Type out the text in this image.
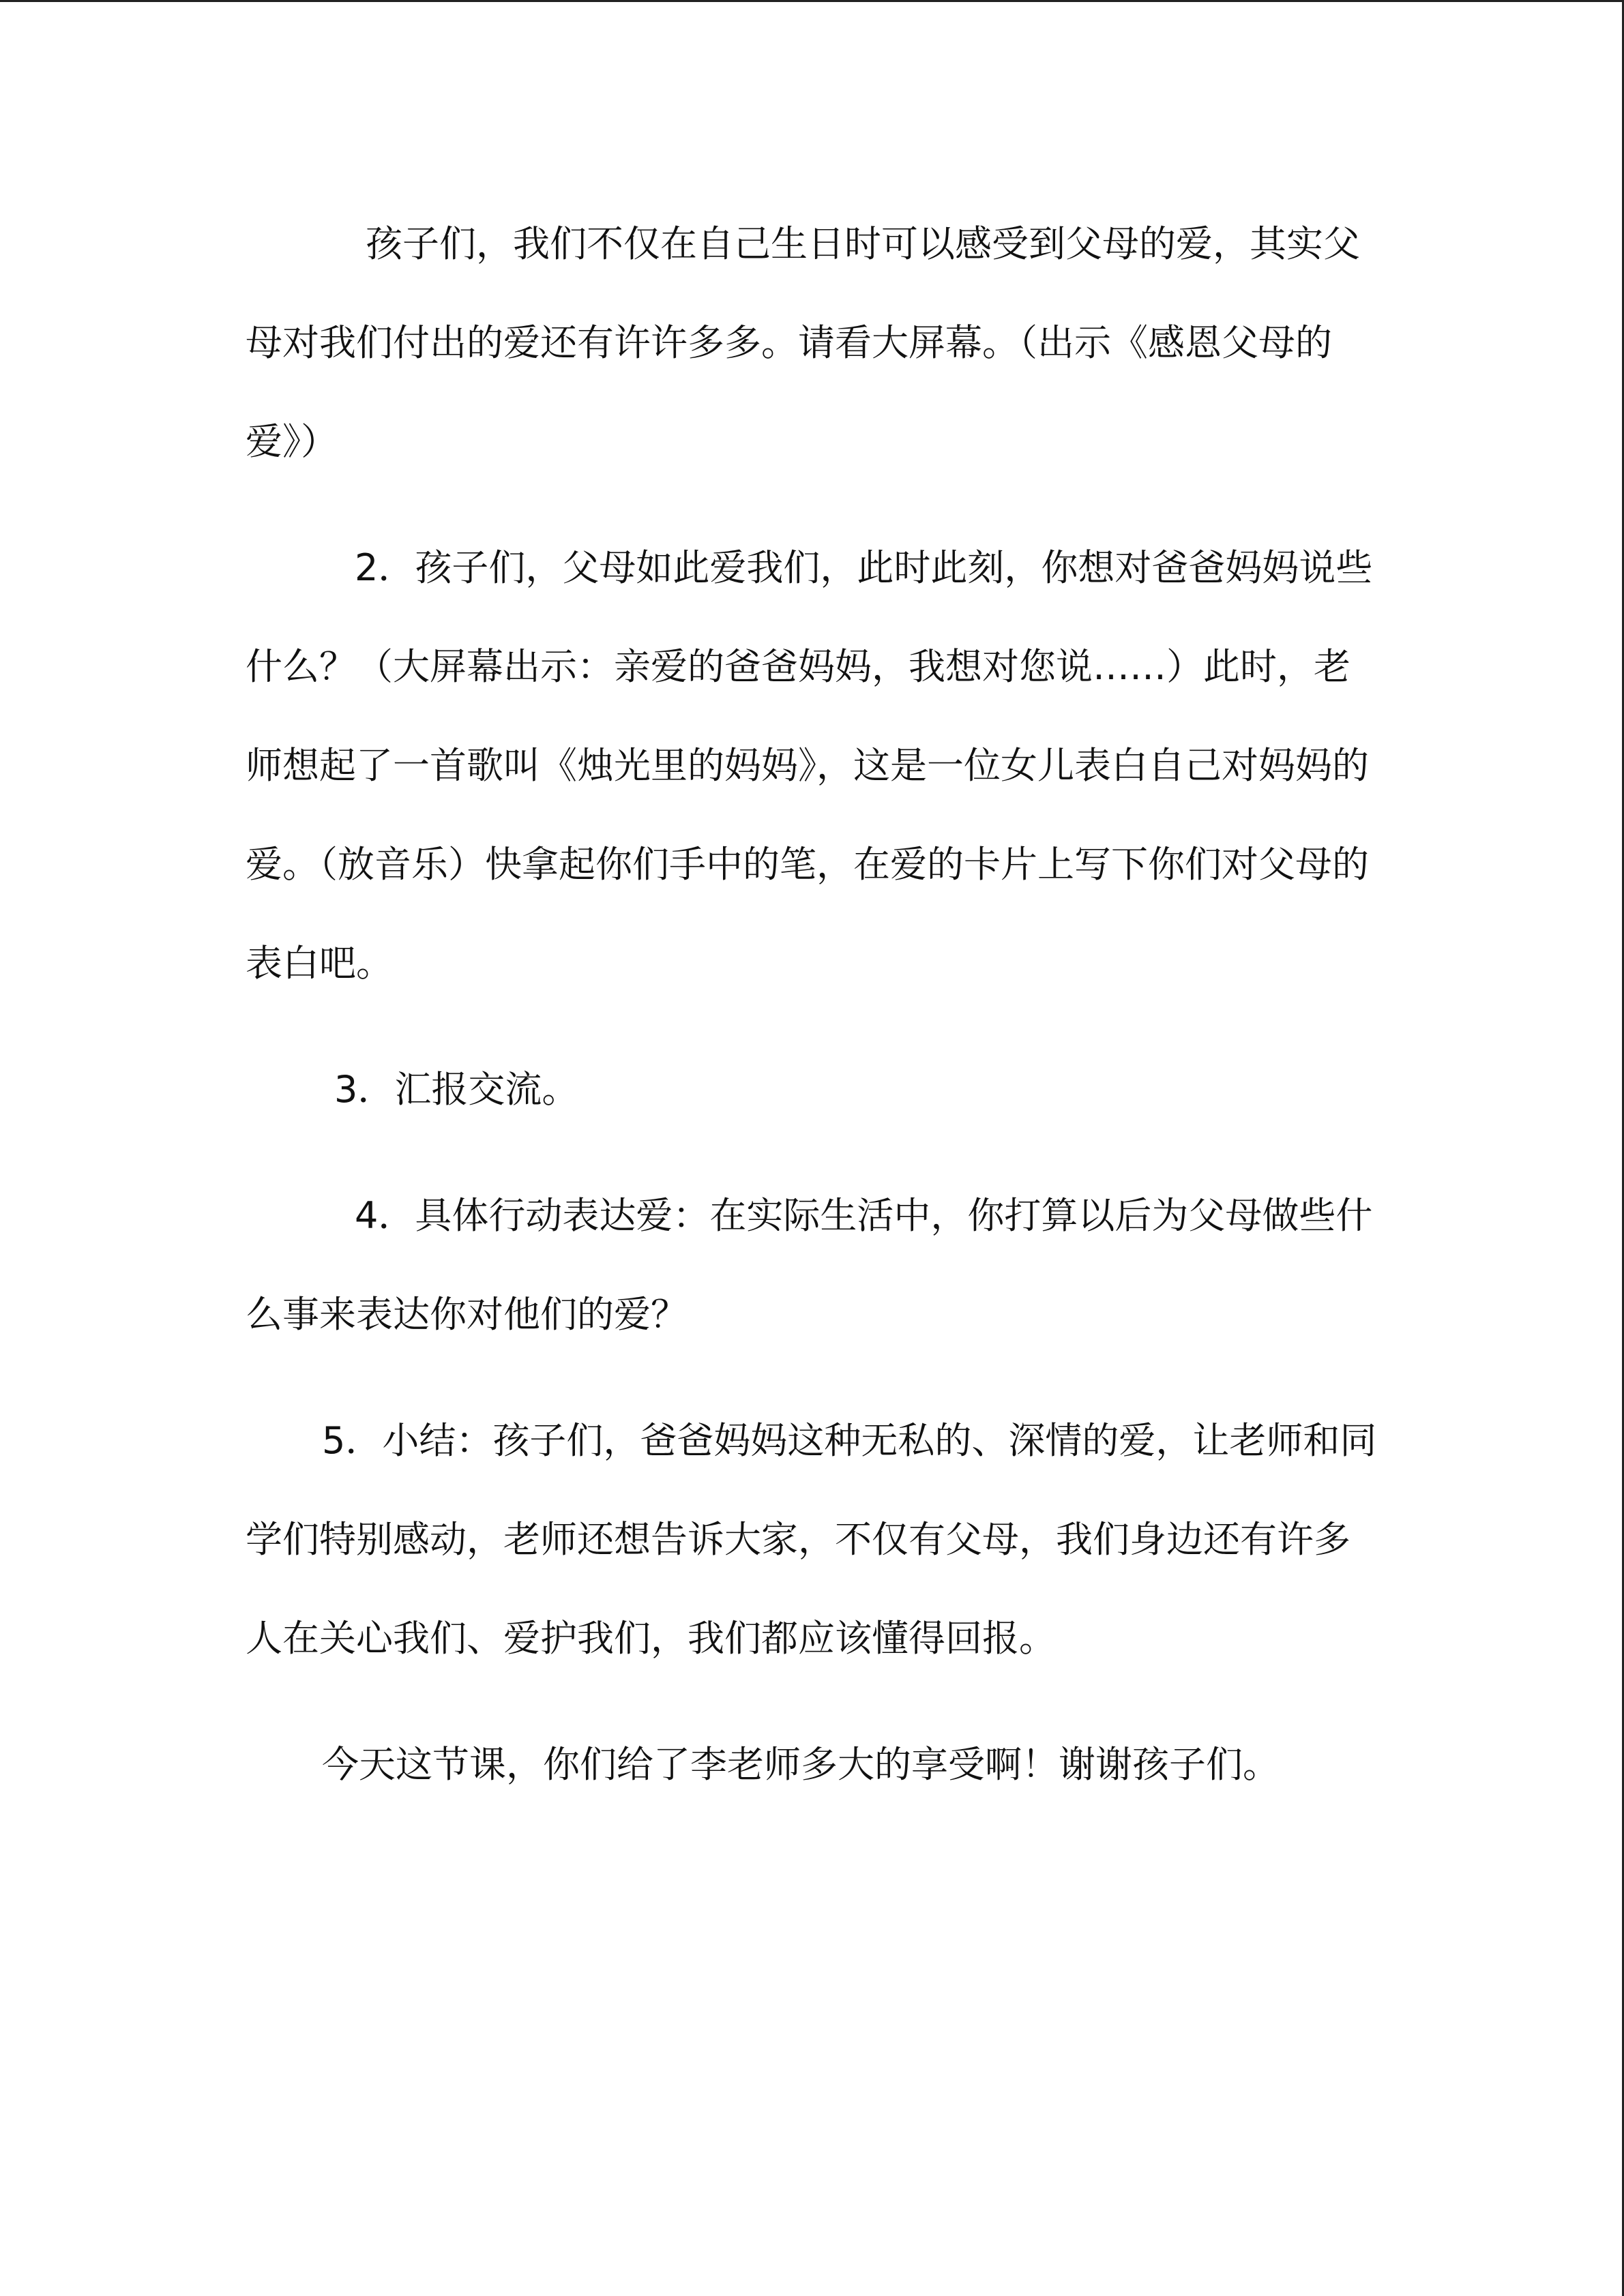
孩子们，我们不仅在自己生日时可以感受到父母的爱，其实父母对我们付出的爱还有许许多多。请看大屏幕。（出示《感恩父母的爱》）

2．孩子们，父母如此爱我们，此时此刻，你想对爸爸妈妈说些什么？（大屏幕出示：亲爱的爸爸妈妈，我想对您说……）此时，老师想起了一首歌叫《烛光里的妈妈》，这是一位女儿表白自己对妈妈的爱。（放音乐）快拿起你们手中的笔，在爱的卡片上写下你们对父母的表白吧。

3．汇报交流。

4．具体行动表达爱：在实际生活中，你打算以后为父母做些什么事来表达你对他们的爱？

5．小结：孩子们，爸爸妈妈这种无私的、深情的爱，让老师和同学们特别感动，老师还想告诉大家，不仅有父母，我们身边还有许多人在关心我们、爱护我们，我们都应该懂得回报。

今天这节课，你们给了李老师多大的享受啊！谢谢孩子们。
